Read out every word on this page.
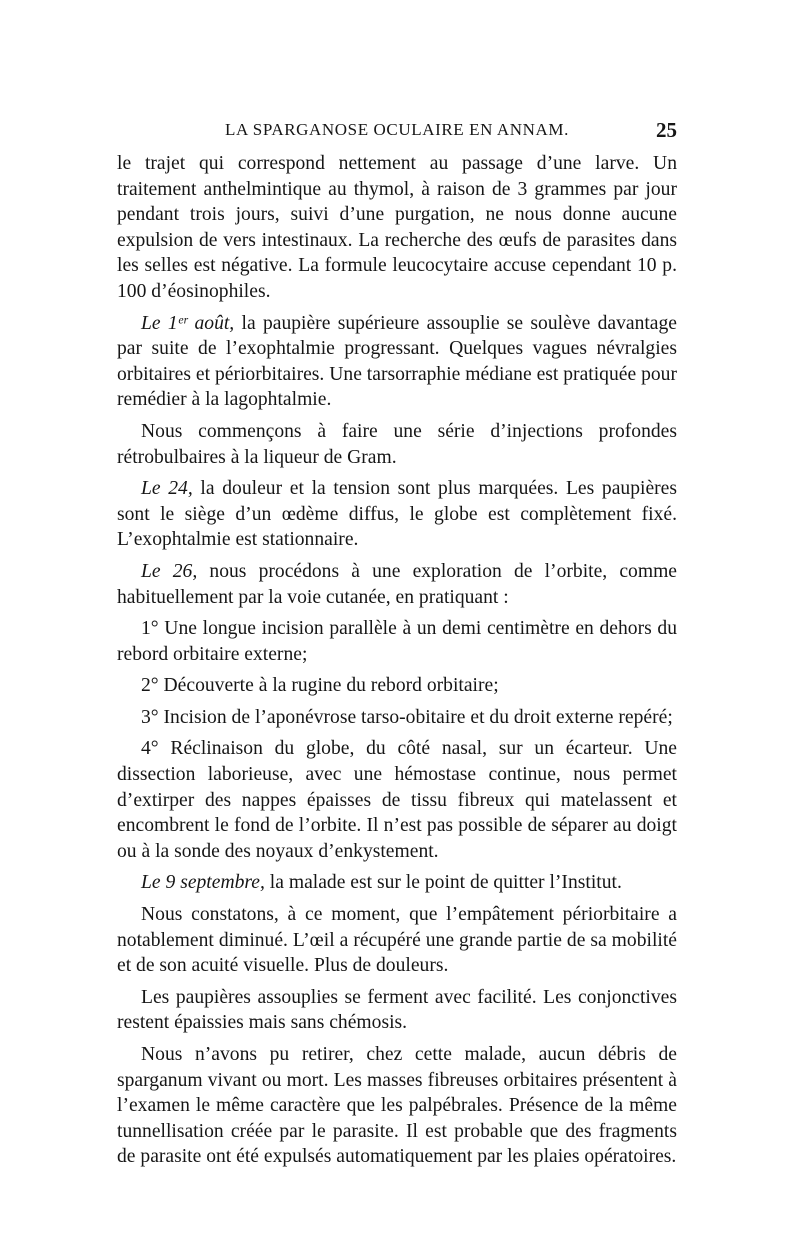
LA SPARGANOSE OCULAIRE EN ANNAM.	25

le trajet qui correspond nettement au passage d’une larve. Un traitement anthelmintique au thymol, à raison de 3 grammes par jour pendant trois jours, suivi d’une purgation, ne nous donne aucune expulsion de vers intestinaux. La recherche des œufs de parasites dans les selles est négative. La formule leucocytaire accuse cependant 10 p. 100 d’éosinophiles.

Le 1ᵉʳ août, la paupière supérieure assouplie se soulève davantage par suite de l’exophtalmie progressant. Quelques vagues névralgies orbitaires et périorbitaires. Une tarsorraphie médiane est pratiquée pour remédier à la lagophtalmie.

Nous commençons à faire une série d’injections profondes rétrobulbaires à la liqueur de Gram.

Le 24, la douleur et la tension sont plus marquées. Les paupières sont le siège d’un œdème diffus, le globe est complètement fixé. L’exophtalmie est stationnaire.

Le 26, nous procédons à une exploration de l’orbite, comme habituellement par la voie cutanée, en pratiquant :

1° Une longue incision parallèle à un demi centimètre en dehors du rebord orbitaire externe;

2° Découverte à la rugine du rebord orbitaire;

3° Incision de l’aponévrose tarso-obitaire et du droit externe repéré;

4° Réclinaison du globe, du côté nasal, sur un écarteur. Une dissection laborieuse, avec une hémostase continue, nous permet d’extirper des nappes épaisses de tissu fibreux qui matelassent et encombrent le fond de l’orbite. Il n’est pas possible de séparer au doigt ou à la sonde des noyaux d’enkystement.

Le 9 septembre, la malade est sur le point de quitter l’Institut.

Nous constatons, à ce moment, que l’empâtement périorbitaire a notablement diminué. L’œil a récupéré une grande partie de sa mobilité et de son acuité visuelle. Plus de douleurs.

Les paupières assouplies se ferment avec facilité. Les conjonctives restent épaissies mais sans chémosis.

Nous n’avons pu retirer, chez cette malade, aucun débris de sparganum vivant ou mort. Les masses fibreuses orbitaires présentent à l’examen le même caractère que les palpébrales. Présence de la même tunnellisation créée par le parasite. Il est probable que des fragments de parasite ont été expulsés automatiquement par les plaies opératoires.
